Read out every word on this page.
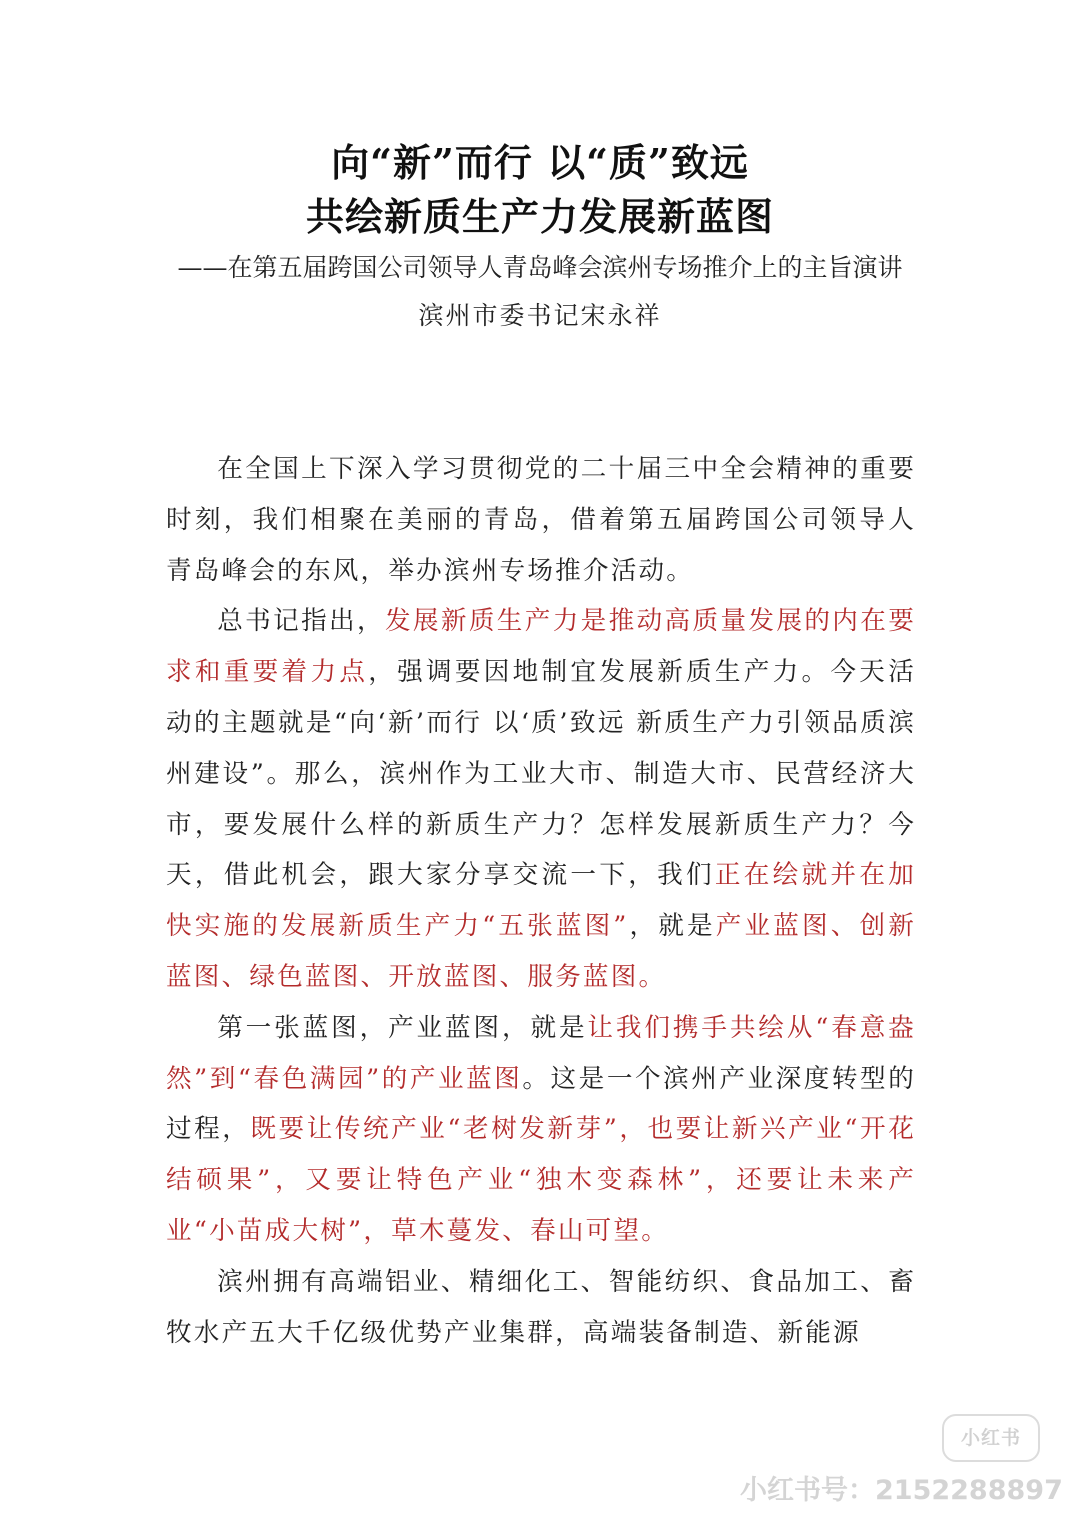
向“新”而行 以“质”致远
共绘新质生产力发展新蓝图
——在第五届跨国公司领导人青岛峰会滨州专场推介上的主旨演讲
滨州市委书记宋永祥

在全国上下深入学习贯彻党的二十届三中全会精神的重要时刻，我们相聚在美丽的青岛，借着第五届跨国公司领导人青岛峰会的东风，举办滨州专场推介活动。

总书记指出，发展新质生产力是推动高质量发展的内在要求和重要着力点，强调要因地制宜发展新质生产力。今天活动的主题就是“向‘新’而行 以‘质’致远 新质生产力引领品质滨州建设”。那么，滨州作为工业大市、制造大市、民营经济大市，要发展什么样的新质生产力？怎样发展新质生产力？今天，借此机会，跟大家分享交流一下，我们正在绘就并在加快实施的发展新质生产力“五张蓝图”，就是产业蓝图、创新蓝图、绿色蓝图、开放蓝图、服务蓝图。

第一张蓝图，产业蓝图，就是让我们携手共绘从“春意盎然”到“春色满园”的产业蓝图。这是一个滨州产业深度转型的过程，既要让传统产业“老树发新芽”，也要让新兴产业“开花结硕果”，又要让特色产业“独木变森林”，还要让未来产业“小苗成大树”，草木蔓发、春山可望。

滨州拥有高端铝业、精细化工、智能纺织、食品加工、畜牧水产五大千亿级优势产业集群，高端装备制造、新能源

小红书
小红书号：2152288897
